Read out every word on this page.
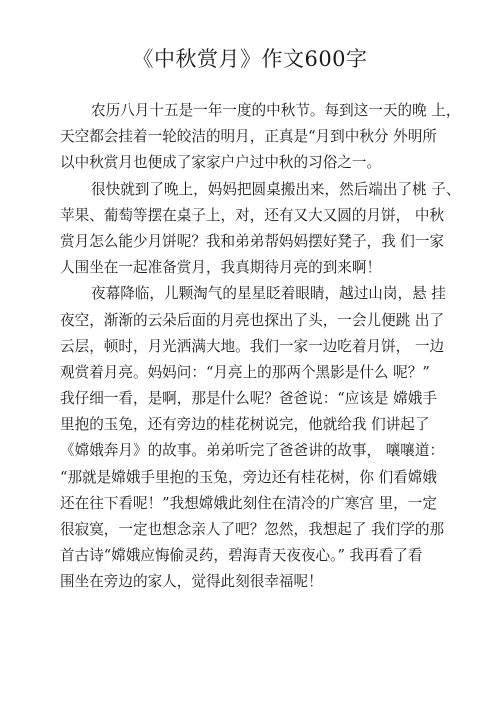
《中秋赏月》作文600字
农历八月十五是一年一度的中秋节。每到这一天的晚 上，
天空都会挂着一轮皎洁的明月，正真是“月到中秋分 外明所
以中秋赏月也便成了家家户户过中秋的习俗之一。
很快就到了晚上，妈妈把圆桌搬出来，然后端出了桃 子、
苹果、葡萄等摆在桌子上，对，还有又大又圆的月饼， 中秋
赏月怎么能少月饼呢？我和弟弟帮妈妈摆好凳子，我 们一家
人围坐在一起准备赏月，我真期待月亮的到来啊！
夜幕降临，儿颗淘气的星星眨着眼睛，越过山岗，悬 挂
夜空，渐渐的云朵后面的月亮也探出了头，一会儿便跳 出了
云层，顿时，月光洒满大地。我们一家一边吃着月饼， 一边
观赏着月亮。妈妈问：“月亮上的那两个黑影是什么 呢？”
我仔细一看，是啊，那是什么呢？爸爸说：“应该是 嫦娥手
里抱的玉兔，还有旁边的桂花树说完，他就给我 们讲起了
《嫦娥奔月》的故事。弟弟听完了爸爸讲的故事， 嚷嚷道：
“那就是嫦娥手里抱的玉兔，旁边还有桂花树，你 们看嫦娥
还在往下看呢！”我想嫦娥此刻住在清冷的广寒宫 里，一定
很寂寞，一定也想念亲人了吧？忽然，我想起了 我们学的那
首古诗“嫦娥应悔偷灵药，碧海青天夜夜心。” 我再看了看
围坐在旁边的家人，觉得此刻很幸福呢！
